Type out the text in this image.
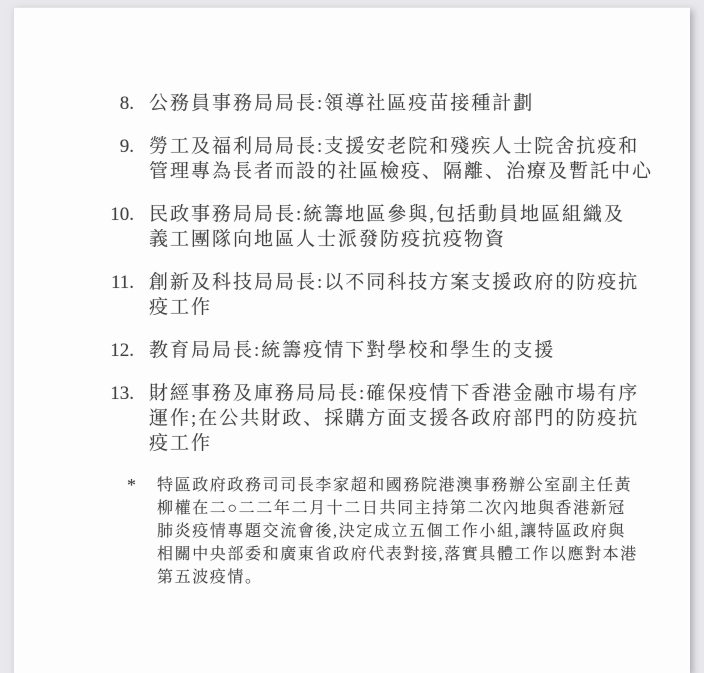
8. 公務員事務局局長:領導社區疫苗接種計劃
9. 勞工及福利局局長:支援安老院和殘疾人士院舍抗疫和
管理專為長者而設的社區檢疫、隔離、治療及暫託中心
10. 民政事務局局長:統籌地區參與,包括動員地區組織及
義工團隊向地區人士派發防疫抗疫物資
11. 創新及科技局局長:以不同科技方案支援政府的防疫抗
疫工作
12. 教育局局長:統籌疫情下對學校和學生的支援
13. 財經事務及庫務局局長:確保疫情下香港金融市場有序
運作;在公共財政、採購方面支援各政府部門的防疫抗
疫工作
*	特區政府政務司司長李家超和國務院港澳事務辦公室副主任黃
柳權在二○二二年二月十二日共同主持第二次內地與香港新冠
肺炎疫情專題交流會後,決定成立五個工作小組,讓特區政府與
相關中央部委和廣東省政府代表對接,落實具體工作以應對本港
第五波疫情。
